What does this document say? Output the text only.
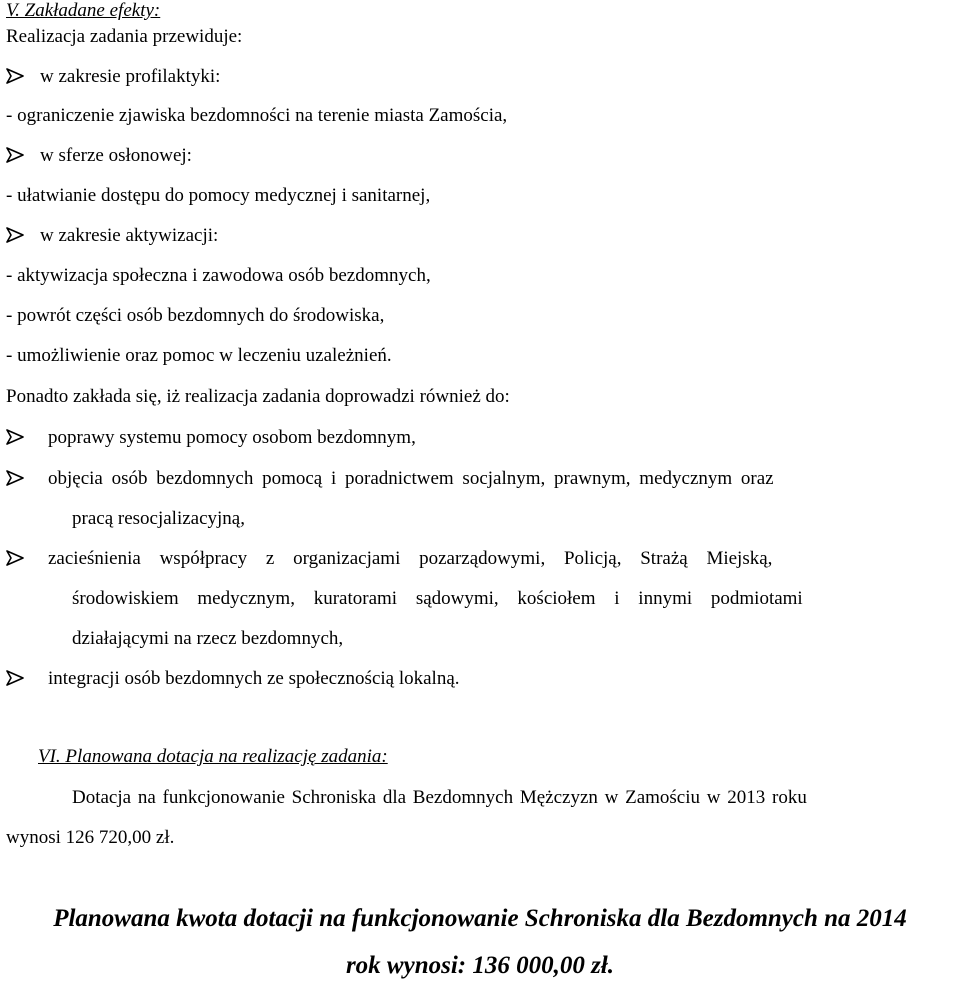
V. Zakładane efekty:
Realizacja zadania przewiduje:
w zakresie profilaktyki:
- ograniczenie zjawiska bezdomności na terenie miasta Zamościa,
w sferze osłonowej:
- ułatwianie dostępu do pomocy medycznej i sanitarnej,
w zakresie aktywizacji:
- aktywizacja społeczna i zawodowa osób bezdomnych,
- powrót części osób bezdomnych do środowiska,
- umożliwienie oraz pomoc w leczeniu uzależnień.
Ponadto zakłada się, iż realizacja zadania doprowadzi również do:
poprawy systemu pomocy osobom bezdomnym,
objęcia osób bezdomnych pomocą i poradnictwem socjalnym, prawnym, medycznym oraz
pracą resocjalizacyjną,
zacieśnienia współpracy z organizacjami pozarządowymi, Policją, Strażą Miejską,
środowiskiem medycznym, kuratorami sądowymi, kościołem i innymi podmiotami
działającymi na rzecz bezdomnych,
integracji osób bezdomnych ze społecznością lokalną.
VI. Planowana dotacja na realizację zadania:
Dotacja na funkcjonowanie Schroniska dla Bezdomnych Mężczyzn w Zamościu w 2013 roku
wynosi 126 720,00 zł.
Planowana kwota dotacji na funkcjonowanie Schroniska dla Bezdomnych na 2014
rok wynosi: 136 000,00 zł.
